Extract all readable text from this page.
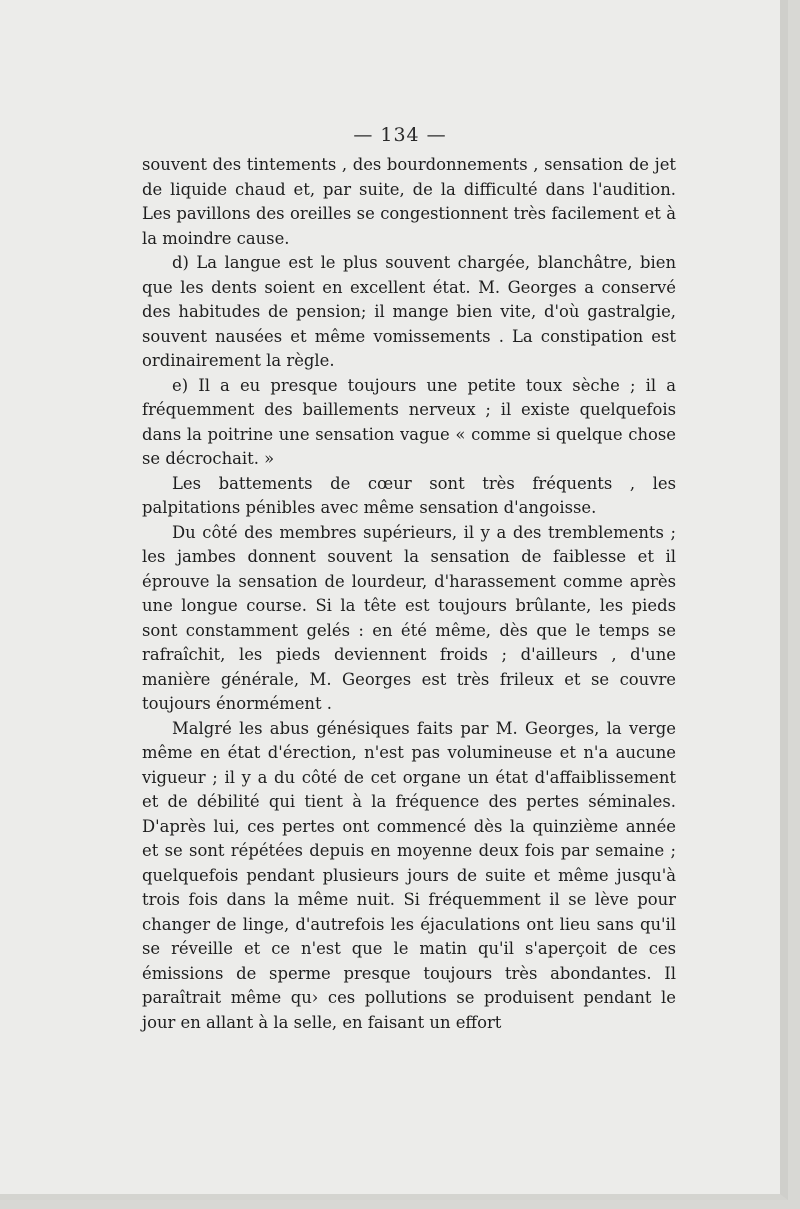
— 134 —

souvent des tintements , des bourdonnements , sensation de jet de liquide chaud et, par suite, de la difficulté dans l'audition. Les pavillons des oreilles se congestionnent très facilement et à la moindre cause.

d) La langue est le plus souvent chargée, blanchâtre, bien que les dents soient en excellent état. M. Georges a conservé des habitudes de pension; il mange bien vite, d'où gastralgie, souvent nausées et même vomissements . La constipation est ordinairement la règle.

e) Il a eu presque toujours une petite toux sèche ; il a fréquemment des baillements nerveux ; il existe quelquefois dans la poitrine une sensation vague « comme si quelque chose se décrochait. »

Les battements de cœur sont très fréquents , les palpitations pénibles avec même sensation d'angoisse.

Du côté des membres supérieurs, il y a des tremblements ; les jambes donnent souvent la sensation de faiblesse et il éprouve la sensation de lourdeur, d'harassement comme après une longue course. Si la tête est toujours brûlante, les pieds sont constamment gelés : en été même, dès que le temps se rafraîchit, les pieds deviennent froids ; d'ailleurs , d'une manière générale, M. Georges est très frileux et se couvre toujours énormément .

Malgré les abus génésiques faits par M. Georges, la verge même en état d'érection, n'est pas volumineuse et n'a aucune vigueur ; il y a du côté de cet organe un état d'affaiblissement et de débilité qui tient à la fréquence des pertes séminales. D'après lui, ces pertes ont commencé dès la quinzième année et se sont répétées depuis en moyenne deux fois par semaine ; quelquefois pendant plusieurs jours de suite et même jusqu'à trois fois dans la même nuit. Si fréquemment il se lève pour changer de linge, d'autrefois les éjaculations ont lieu sans qu'il se réveille et ce n'est que le matin qu'il s'aperçoit de ces émissions de sperme presque toujours très abondantes. Il paraîtrait même qu› ces pollutions se produisent pendant le jour en allant à la selle, en faisant un effort
